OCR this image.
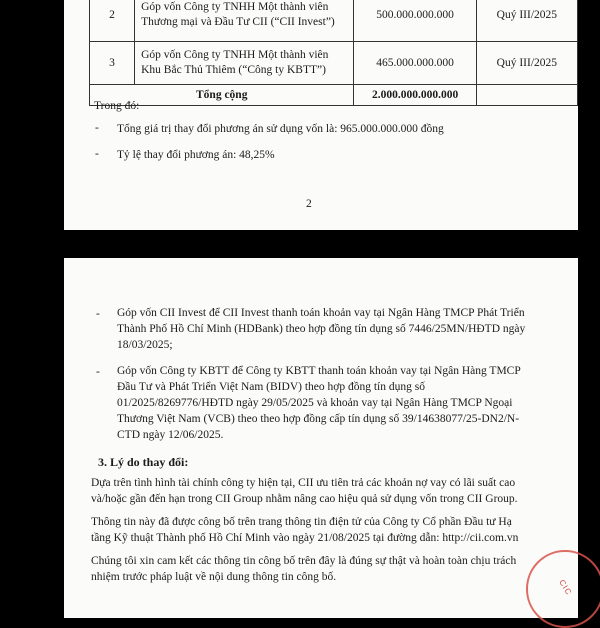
2	Góp vốn Công ty TNHH Một thành viên Thương mại và Đầu Tư CII (“CII Invest”)	500.000.000.000	Quý III/2025
3	Góp vốn Công ty TNHH Một thành viên Khu Bắc Thủ Thiêm (“Công ty KBTT”)	465.000.000.000	Quý III/2025
Tổng cộng		2.000.000.000.000	
Trong đó:
- Tổng giá trị thay đổi phương án sử dụng vốn là: 965.000.000.000 đồng
- Tỷ lệ thay đổi phương án: 48,25%
2
- Góp vốn CII Invest để CII Invest thanh toán khoản vay tại Ngân Hàng TMCP Phát Triển
Thành Phố Hồ Chí Minh (HDBank) theo hợp đồng tín dụng số 7446/25MN/HĐTD ngày
18/03/2025;
- Góp vốn Công ty KBTT để Công ty KBTT thanh toán khoản vay tại Ngân Hàng TMCP
Đầu Tư và Phát Triển Việt Nam (BIDV) theo hợp đồng tín dụng số
01/2025/8269776/HĐTD ngày 29/05/2025 và khoản vay tại Ngân Hàng TMCP Ngoại
Thương Việt Nam (VCB) theo theo hợp đồng cấp tín dụng số 39/14638077/25-DN2/N-
CTD ngày 12/06/2025.
3. Lý do thay đổi:
Dựa trên tình hình tài chính công ty hiện tại, CII ưu tiên trả các khoản nợ vay có lãi suất cao
và/hoặc gần đến hạn trong CII Group nhằm nâng cao hiệu quả sử dụng vốn trong CII Group.
Thông tin này đã được công bố trên trang thông tin điện tử của Công ty Cổ phần Đầu tư Hạ
tầng Kỹ thuật Thành phố Hồ Chí Minh vào ngày 21/08/2025 tại đường dẫn: http://cii.com.vn
Chúng tôi xin cam kết các thông tin công bố trên đây là đúng sự thật và hoàn toàn chịu trách
nhiệm trước pháp luật về nội dung thông tin công bố.
CIC
